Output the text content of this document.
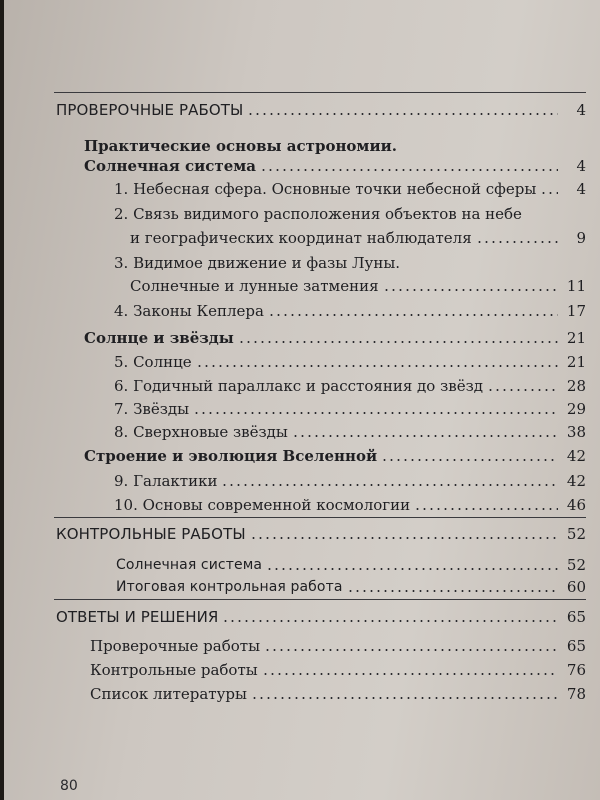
ПРОВЕРОЧНЫЕ РАБОТЫ	4
Практические основы астрономии.
Солнечная система	4
1. Небесная сфера. Основные точки небесной сферы	4
2. Связь видимого расположения объектов на небе
и географических координат наблюдателя	9
3. Видимое движение и фазы Луны.
Солнечные и лунные затмения	11
4. Законы Кеплера	17
Солнце и звёзды	21
5. Солнце	21
6. Годичный параллакс и расстояния до звёзд	28
7. Звёзды	29
8. Сверхновые звёзды	38
Строение и эволюция Вселенной	42
9. Галактики	42
10. Основы современной космологии	46
КОНТРОЛЬНЫЕ РАБОТЫ	52
Солнечная система	52
Итоговая контрольная работа	60
ОТВЕТЫ И РЕШЕНИЯ	65
Проверочные работы	65
Контрольные работы	76
Список литературы	78
80
